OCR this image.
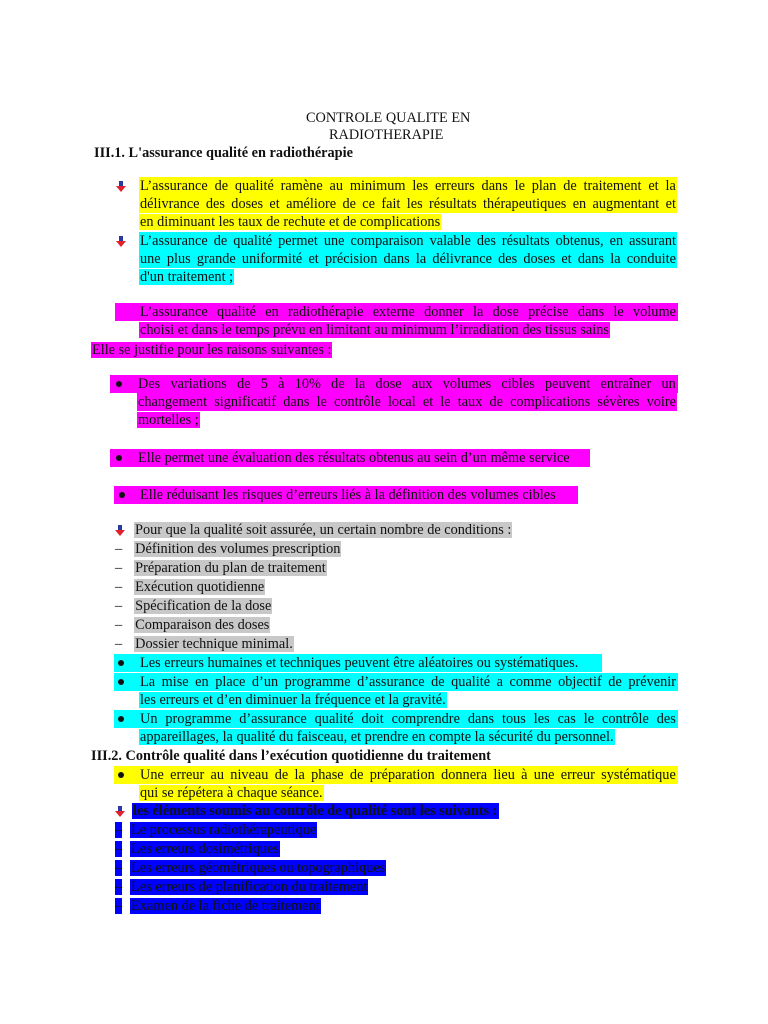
CONTROLE QUALITE EN
RADIOTHERAPIE
III.1. L'assurance qualité en radiothérapie
L’assurance de qualité ramène au minimum les erreurs dans le plan de traitement et la
délivrance des doses et améliore de ce fait les résultats thérapeutiques en augmentant et
en diminuant les taux de rechute et de complications
L’assurance de qualité permet une comparaison valable des résultats obtenus, en assurant
une plus grande uniformité et précision dans la délivrance des doses et dans la conduite
d'un traitement ;
L’assurance qualité en radiothérapie externe donner la dose précise dans le volume
choisi et dans le temps prévu en limitant au minimum l’irradiation des tissus sains
Elle se justifie pour les raisons suivantes :
Des variations de 5 à 10% de la dose aux volumes cibles peuvent entraîner un
changement significatif dans le contrôle local et le taux de complications sévères voire
mortelles ;
Elle permet une évaluation des résultats obtenus au sein d’un même service
Elle réduisant les risques d’erreurs liés à la définition des volumes cibles
Pour que la qualité soit assurée, un certain nombre de conditions :
– Définition des volumes prescription
– Préparation du plan de traitement
– Exécution quotidienne
– Spécification de la dose
– Comparaison des doses
– Dossier technique minimal.
Les erreurs humaines et techniques peuvent être aléatoires ou systématiques.
La mise en place d’un programme d’assurance de qualité a comme objectif de prévenir
les erreurs et d’en diminuer la fréquence et la gravité.
Un programme d’assurance qualité doit comprendre dans tous les cas le contrôle des
appareillages, la qualité du faisceau, et prendre en compte la sécurité du personnel.
III.2. Contrôle qualité dans l’exécution quotidienne du traitement
Une erreur au niveau de la phase de préparation donnera lieu à une erreur systématique
qui se répétera à chaque séance.
les éléments soumis au contrôle de qualité sont les suivants :
– Le processus radiothérapeutique
– Les erreurs dosimétriques
– Les erreurs géométriques ou topographiques
– Les erreurs de planification du traitement
– Examen de la fiche de traitement
